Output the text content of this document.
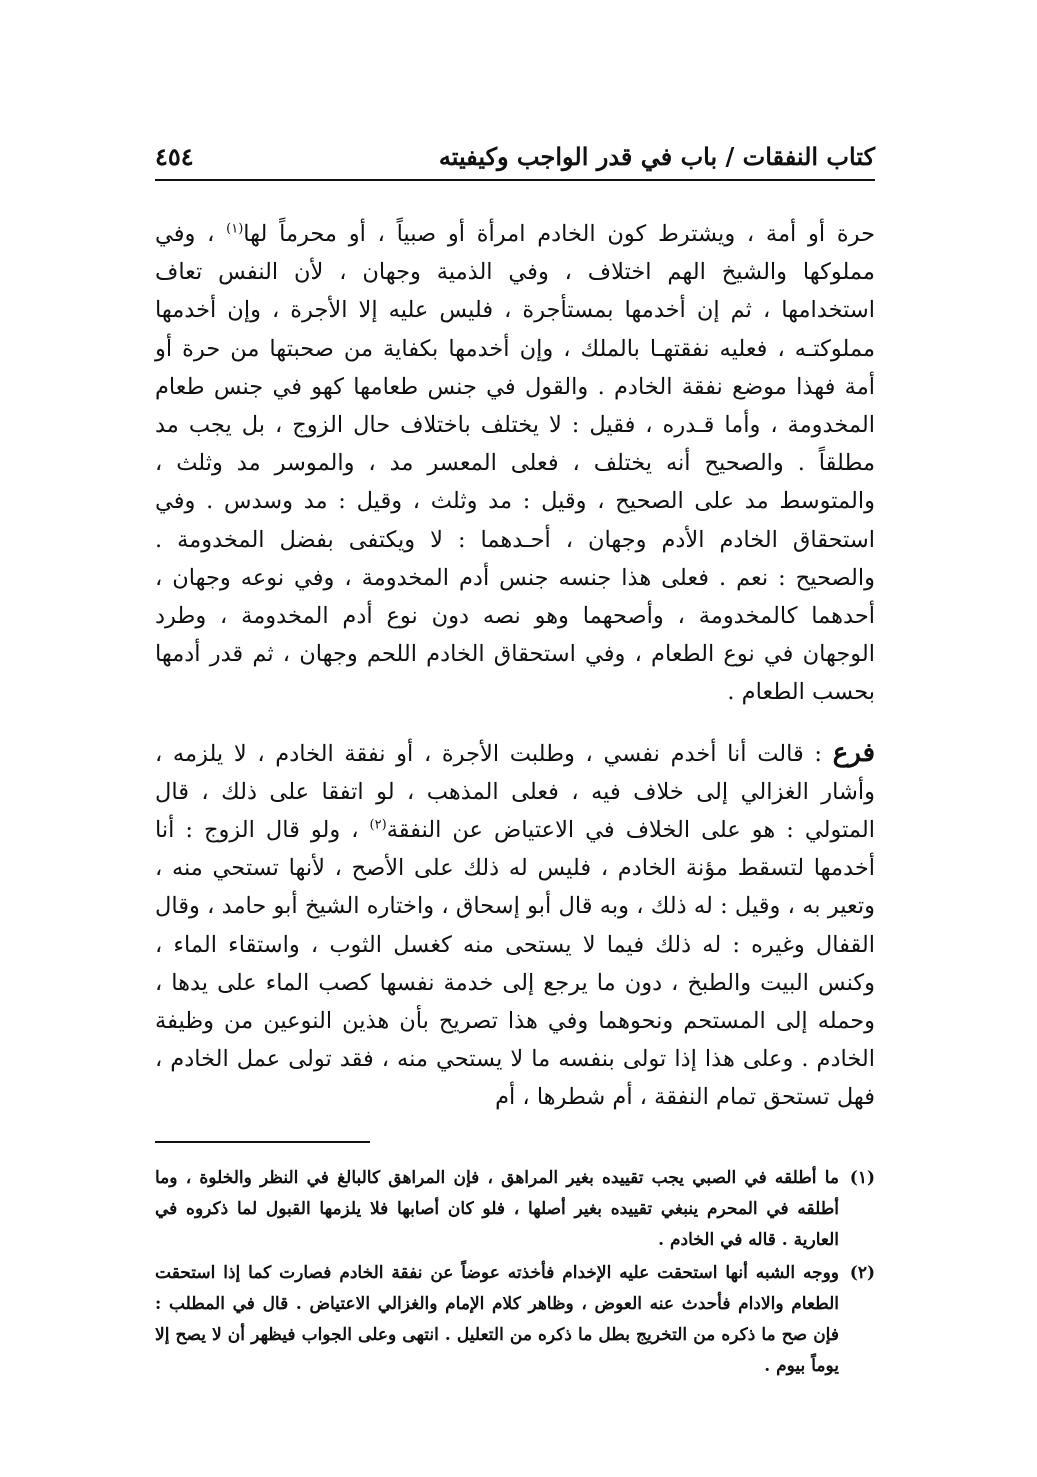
كتاب النفقات / باب في قدر الواجب وكيفيته
٤٥٤

حرة أو أمة ، ويشترط كون الخادم امرأة أو صبياً ، أو محرماً لها$^{(١)}$ ، وفي مملوكها والشيخ الهم اختلاف ، وفي الذمية وجهان ، لأن النفس تعاف استخدامها ، ثم إن أخدمها بمستأجرة ، فليس عليه إلا الأجرة ، وإن أخدمها مملوكتـه ، فعليه نفقتهـا بالملك ، وإن أخدمها بكفاية من صحبتها من حرة أو أمة فهذا موضع نفقة الخادم . والقول في جنس طعامها كهو في جنس طعام المخدومة ، وأما قـدره ، فقيل : لا يختلف باختلاف حال الزوج ، بل يجب مد مطلقاً . والصحيح أنه يختلف ، فعلى المعسر مد ، والموسر مد وثلث ، والمتوسط مد على الصحيح ، وقيل : مد وثلث ، وقيل : مد وسدس . وفي استحقاق الخادم الأدم وجهان ، أحـدهما : لا ويكتفى بفضل المخدومة . والصحيح : نعم . فعلى هذا جنسه جنس أدم المخدومة ، وفي نوعه وجهان ، أحدهما كالمخدومة ، وأصحهما وهو نصه دون نوع أدم المخدومة ، وطرد الوجهان في نوع الطعام ، وفي استحقاق الخادم اللحم وجهان ، ثم قدر أدمها بحسب الطعام .

فرع : قالت أنا أخدم نفسي ، وطلبت الأجرة ، أو نفقة الخادم ، لا يلزمه ، وأشار الغزالي إلى خلاف فيه ، فعلى المذهب ، لو اتفقا على ذلك ، قال المتولي : هو على الخلاف في الاعتياض عن النفقة$^{(٢)}$ ، ولو قال الزوج : أنا أخدمها لتسقط مؤنة الخادم ، فليس له ذلك على الأصح ، لأنها تستحي منه ، وتعير به ، وقيل : له ذلك ، وبه قال أبو إسحاق ، واختاره الشيخ أبو حامد ، وقال القفال وغيره : له ذلك فيما لا يستحى منه كغسل الثوب ، واستقاء الماء ، وكنس البيت والطبخ ، دون ما يرجع إلى خدمة نفسها كصب الماء على يدها ، وحمله إلى المستحم ونحوهما وفي هذا تصريح بأن هذين النوعين من وظيفة الخادم . وعلى هذا إذا تولى بنفسه ما لا يستحي منه ، فقد تولى عمل الخادم ، فهل تستحق تمام النفقة ، أم شطرها ، أم

(١)
ما أطلقه في الصبي يجب تقييده بغير المراهق ، فإن المراهق كالبالغ في النظر والخلوة ، وما أطلقه في المحرم ينبغي تقييده بغير أصلها ، فلو كان أصابها فلا يلزمها القبول لما ذكروه في العارية . قاله في الخادم .
(٢)
ووجه الشبه أنها استحقت عليه الإخدام فأخذته عوضاً عن نفقة الخادم فصارت كما إذا استحقت الطعام والادام فأحدث عنه العوض ، وظاهر كلام الإمام والغزالي الاعتياض . قال في المطلب : فإن صح ما ذكره من التخريج بطل ما ذكره من التعليل . انتهى وعلى الجواب فيظهر أن لا يصح إلا يوماً بيوم .
